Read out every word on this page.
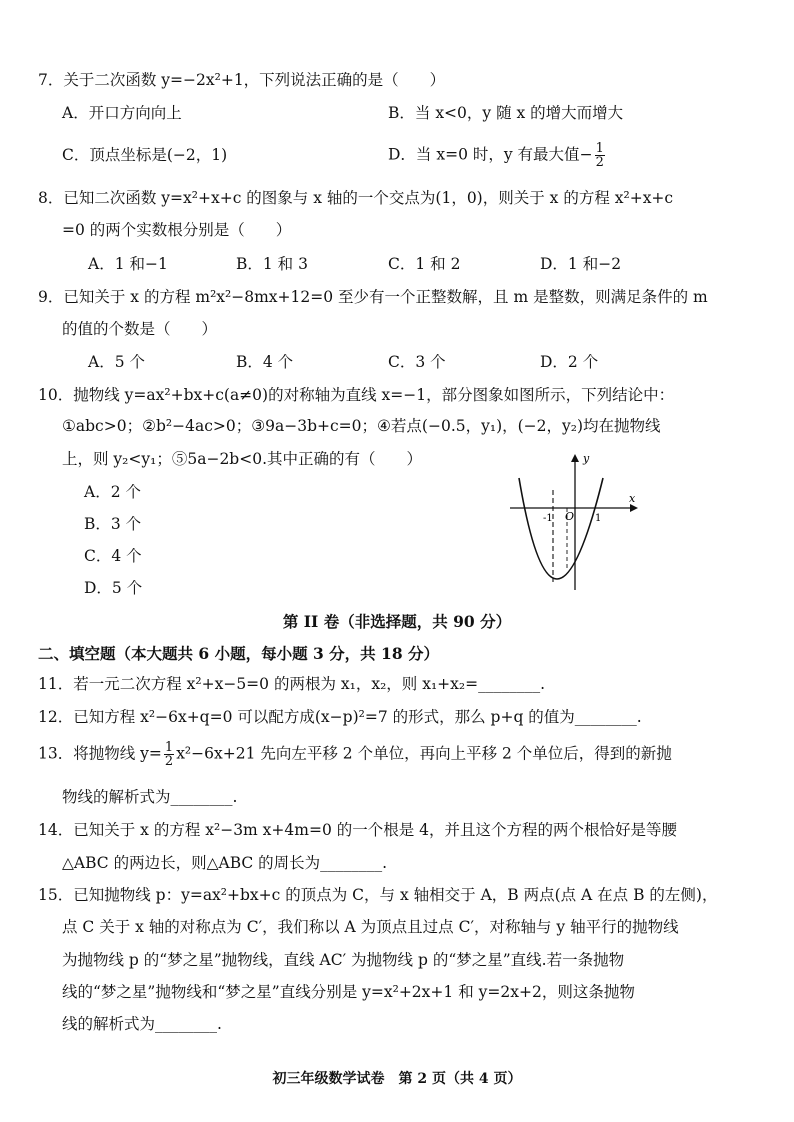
7．关于二次函数 y=−2x²+1，下列说法正确的是（　　）
A．开口方向向上	B．当 x<0，y 随 x 的增大而增大
C．顶点坐标是(−2，1)	D．当 x=0 时，y 有最大值− $\frac{1}{2}$
8．已知二次函数 y=x²+x+c 的图象与 x 轴的一个交点为(1，0)，则关于 x 的方程 x²+x+c
=0 的两个实数根分别是（　　）
A．1 和−1	B．1 和 3	C．1 和 2	D．1 和−2
9．已知关于 x 的方程 m²x²−8mx+12=0 至少有一个正整数解，且 m 是整数，则满足条件的 m
的值的个数是（　　）
A．5 个	B．4 个	C．3 个	D．2 个
10．抛物线 y=ax²+bx+c(a≠0)的对称轴为直线 x=−1，部分图象如图所示，下列结论中：
①abc>0；②b²−4ac>0；③9a−3b+c=0；④若点(−0.5，y₁)，(−2，y₂)均在抛物线
上，则 y₂<y₁；⑤5a−2b<0.其中正确的有（　　）
A．2 个
B．3 个
C．4 个
D．5 个
y
x
O
-1	1
第 II 卷（非选择题，共 90 分）
二、填空题（本大题共 6 小题，每小题 3 分，共 18 分）
11．若一元二次方程 x²+x−5=0 的两根为 x₁，x₂，则 x₁+x₂=________.
12．已知方程 x²−6x+q=0 可以配方成(x−p)²=7 的形式，那么 p+q 的值为________.
13．将抛物线 $y= \frac{1}{2} x^2-6x+21$ 先向左平移 2 个单位，再向上平移 2 个单位后，得到的新抛
物线的解析式为________.
14．已知关于 x 的方程 x²−3m x+4m=0 的一个根是 4，并且这个方程的两个根恰好是等腰
△ABC 的两边长，则△ABC 的周长为________.
15．已知抛物线 p：y=ax²+bx+c 的顶点为 C，与 x 轴相交于 A，B 两点(点 A 在点 B 的左侧)，
点 C 关于 x 轴的对称点为 C′，我们称以 A 为顶点且过点 C′，对称轴与 y 轴平行的抛物线
为抛物线 p 的“梦之星”抛物线，直线 AC′ 为抛物线 p 的“梦之星”直线.若一条抛物
线的“梦之星”抛物线和“梦之星”直线分别是 y=x²+2x+1 和 y=2x+2，则这条抛物
线的解析式为________.
初三年级数学试卷　第 2 页（共 4 页）
